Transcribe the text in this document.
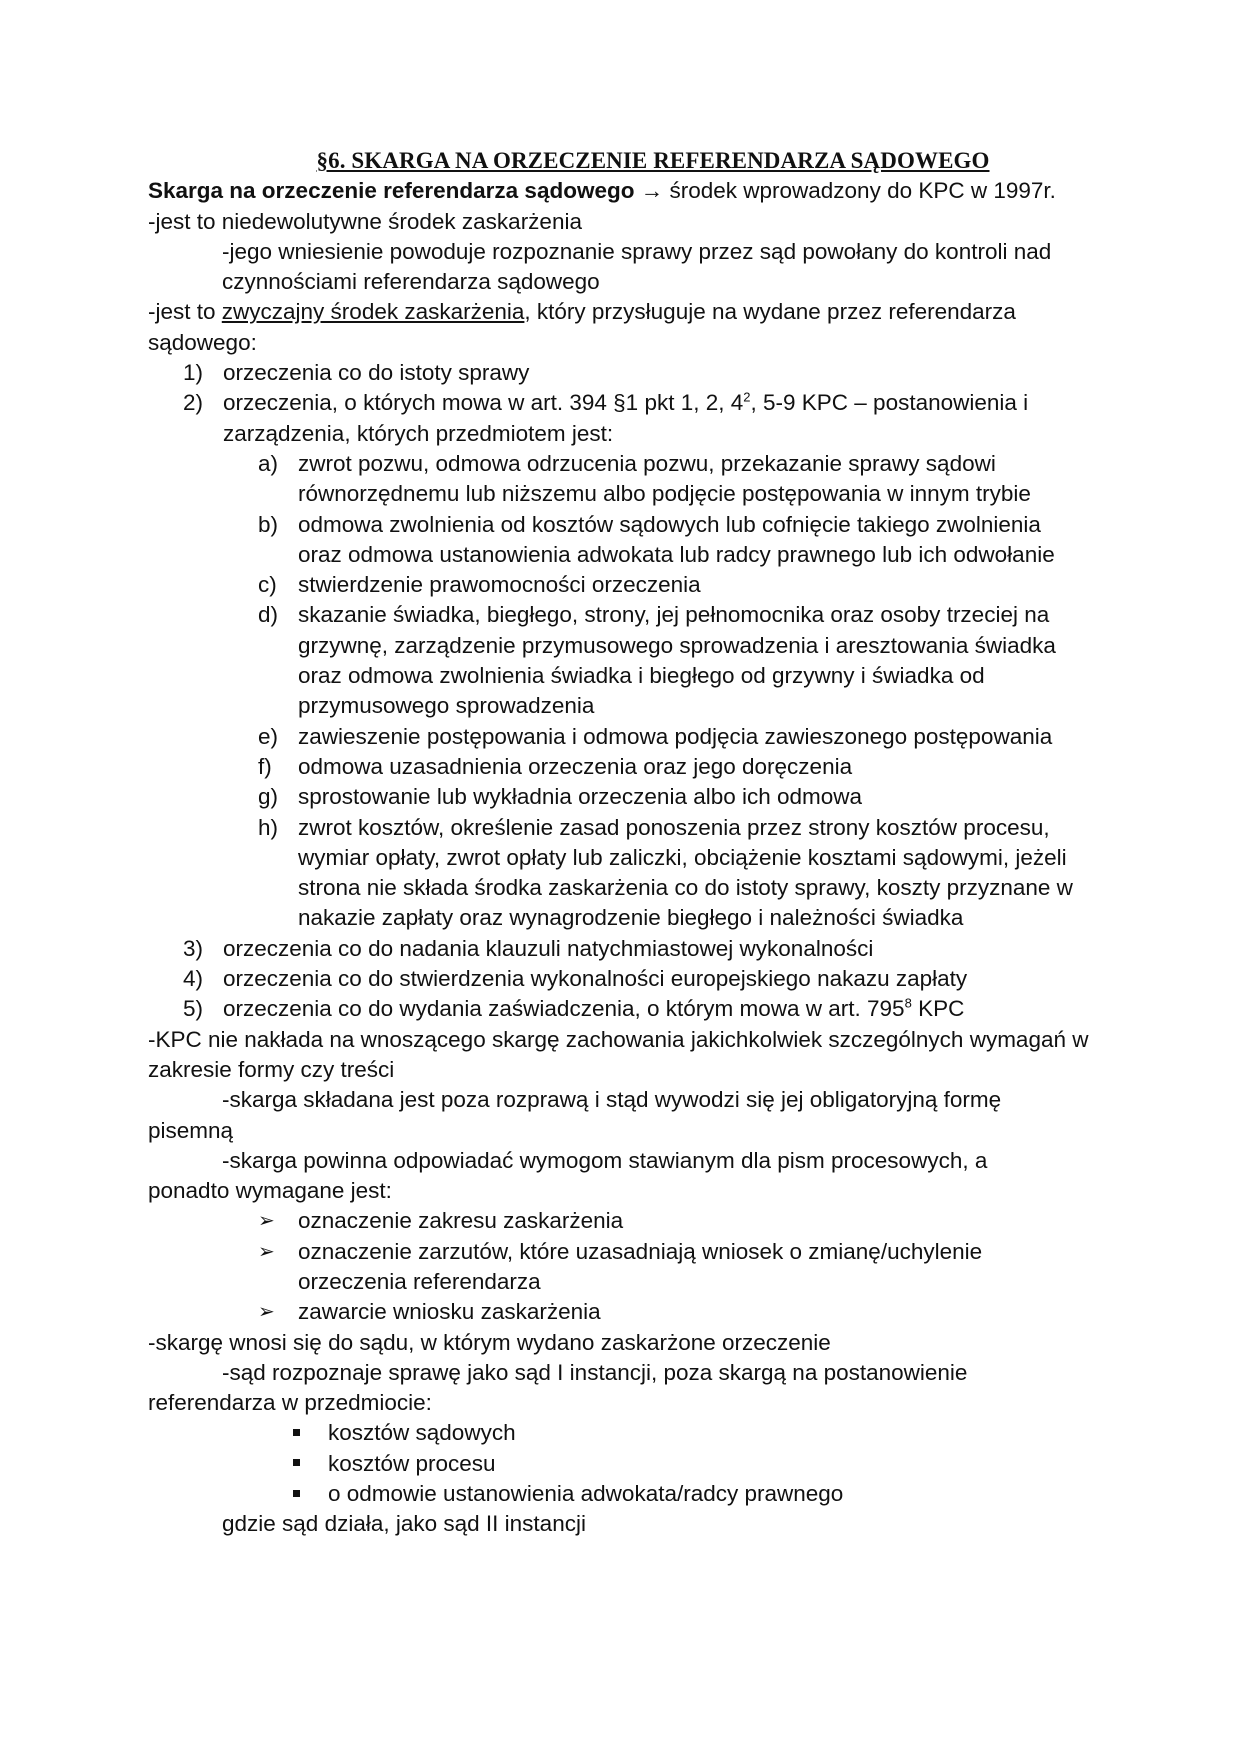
§6. SKARGA NA ORZECZENIE REFERENDARZA SĄDOWEGO

Skarga na orzeczenie referendarza sądowego → środek wprowadzony do KPC w 1997r.

-jest to niedewolutywne środek zaskarżenia

-jego wniesienie powoduje rozpoznanie sprawy przez sąd powołany do kontroli nad

czynnościami referendarza sądowego

-jest to zwyczajny środek zaskarżenia, który przysługuje na wydane przez referendarza

sądowego:

1) orzeczenia co do istoty sprawy
2) orzeczenia, o których mowa w art. 394 §1 pkt 1, 2, $4^2$, 5-9 KPC – postanowienia i

zarządzenia, których przedmiotem jest:

a) zwrot pozwu, odmowa odrzucenia pozwu, przekazanie sprawy sądowi

równorzędnemu lub niższemu albo podjęcie postępowania w innym trybie

b) odmowa zwolnienia od kosztów sądowych lub cofnięcie takiego zwolnienia

oraz odmowa ustanowienia adwokata lub radcy prawnego lub ich odwołanie

c) stwierdzenie prawomocności orzeczenia
d) skazanie świadka, biegłego, strony, jej pełnomocnika oraz osoby trzeciej na

grzywnę, zarządzenie przymusowego sprowadzenia i aresztowania świadka

oraz odmowa zwolnienia świadka i biegłego od grzywny i świadka od

przymusowego sprowadzenia

e) zawieszenie postępowania i odmowa podjęcia zawieszonego postępowania
f)	odmowa uzasadnienia orzeczenia oraz jego doręczenia
g) sprostowanie lub wykładnia orzeczenia albo ich odmowa
h) zwrot kosztów, określenie zasad ponoszenia przez strony kosztów procesu,

wymiar opłaty, zwrot opłaty lub zaliczki, obciążenie kosztami sądowymi, jeżeli

strona nie składa środka zaskarżenia co do istoty sprawy, koszty przyznane w

nakazie zapłaty oraz wynagrodzenie biegłego i należności świadka

3) orzeczenia co do nadania klauzuli natychmiastowej wykonalności
4) orzeczenia co do stwierdzenia wykonalności europejskiego nakazu zapłaty
5) orzeczenia co do wydania zaświadczenia, o którym mowa w art. $795^8$ KPC

-KPC nie nakłada na wnoszącego skargę zachowania jakichkolwiek szczególnych wymagań w

zakresie formy czy treści

-skarga składana jest poza rozprawą i stąd wywodzi się jej obligatoryjną formę

pisemną

-skarga powinna odpowiadać wymogom stawianym dla pism procesowych, a

ponadto wymagane jest:

➢	oznaczenie zakresu zaskarżenia
➢	oznaczenie zarzutów, które uzasadniają wniosek o zmianę/uchylenie

orzeczenia referendarza

➢	zawarcie wniosku zaskarżenia

-skargę wnosi się do sądu, w którym wydano zaskarżone orzeczenie

-sąd rozpoznaje sprawę jako sąd I instancji, poza skargą na postanowienie

referendarza w przedmiocie:

kosztów sądowych
kosztów procesu
o odmowie ustanowienia adwokata/radcy prawnego

gdzie sąd działa, jako sąd II instancji
